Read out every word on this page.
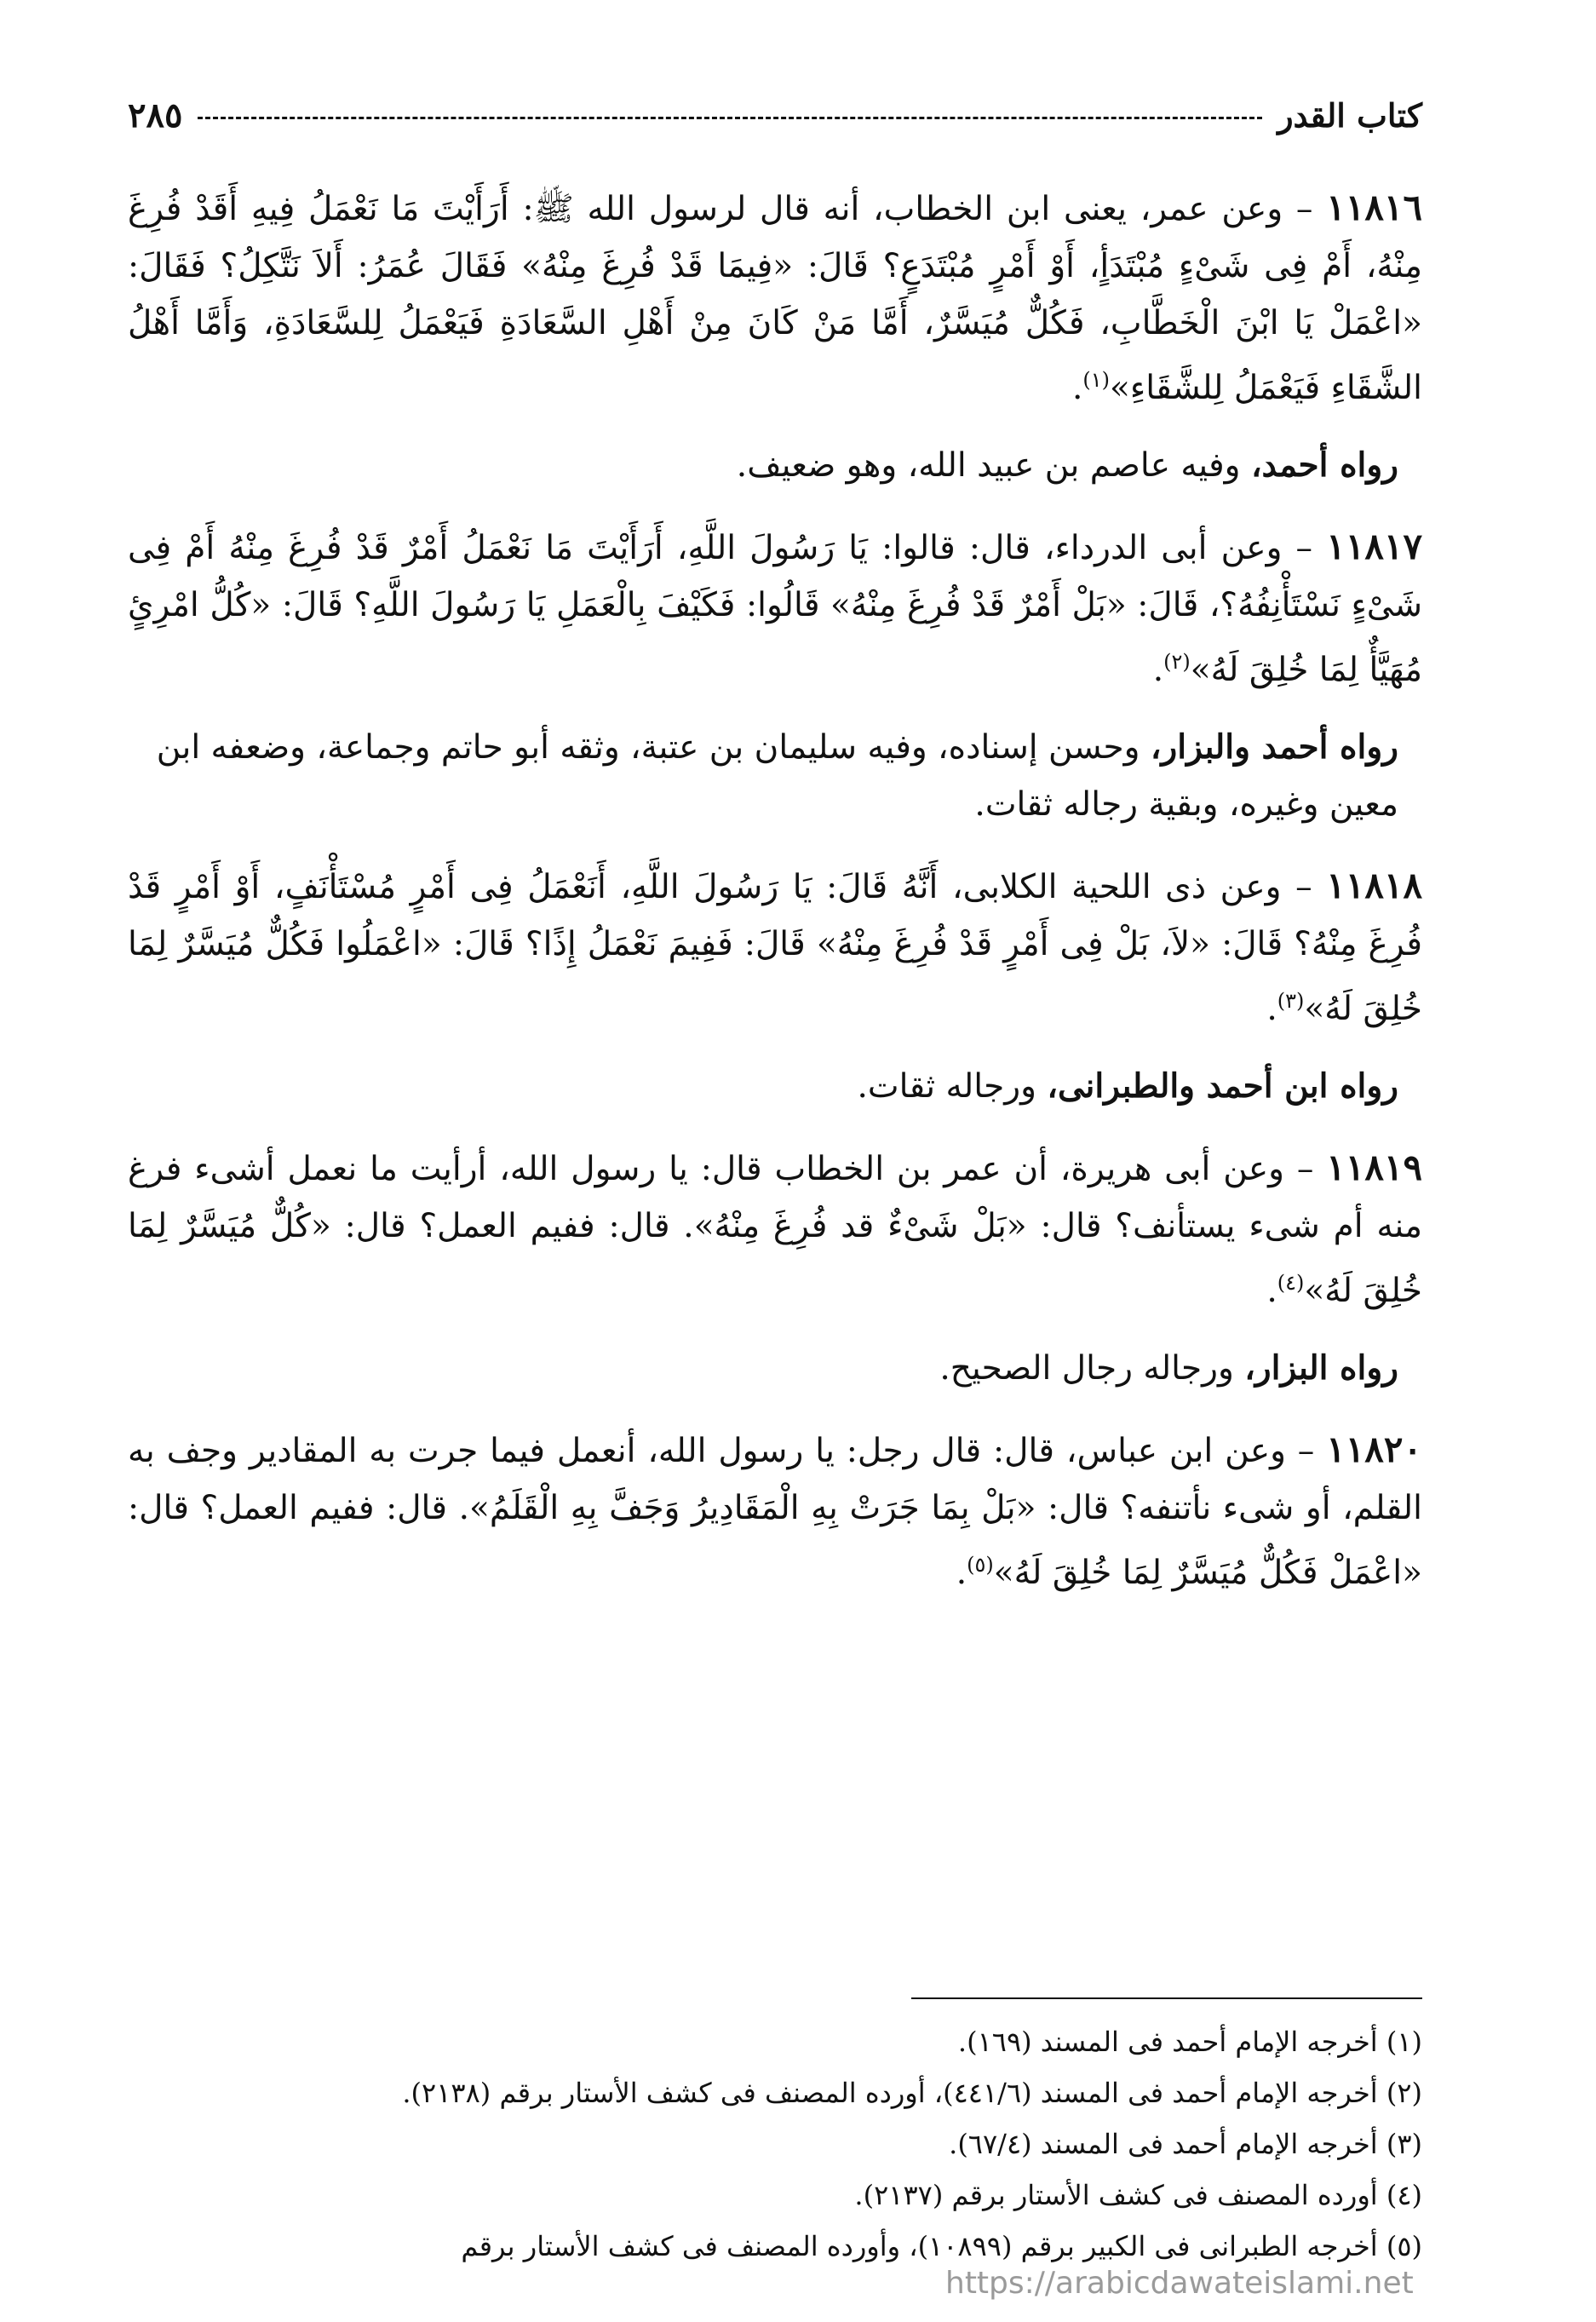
كتاب القدر
٢٨٥

١١٨١٦ – وعن عمر، يعنى ابن الخطاب، أنه قال لرسول الله ﷺ: أَرَأَيْتَ مَا نَعْمَلُ فِيهِ أَقَدْ فُرِغَ مِنْهُ، أَمْ فِى شَىْءٍ مُبْتَدَأٍ، أَوْ أَمْرٍ مُبْتَدَعٍ؟ قَالَ: «فِيمَا قَدْ فُرِغَ مِنْهُ» فَقَالَ عُمَرُ: أَلاَ نَتَّكِلُ؟ فَقَالَ: «اعْمَلْ يَا ابْنَ الْخَطَّابِ، فَكُلٌّ مُيَسَّرٌ، أَمَّا مَنْ كَانَ مِنْ أَهْلِ السَّعَادَةِ فَيَعْمَلُ لِلسَّعَادَةِ، وَأَمَّا أَهْلُ الشَّقَاءِ فَيَعْمَلُ لِلشَّقَاءِ»$^{(١)}$.

رواه أحمد، وفيه عاصم بن عبيد الله، وهو ضعيف.

١١٨١٧ – وعن أبى الدرداء، قال: قالوا: يَا رَسُولَ اللَّهِ، أَرَأَيْتَ مَا نَعْمَلُ أَمْرٌ قَدْ فُرِغَ مِنْهُ أَمْ فِى شَىْءٍ نَسْتَأْنِفُهُ؟، قَالَ: «بَلْ أَمْرٌ قَدْ فُرِغَ مِنْهُ» قَالُوا: فَكَيْفَ بِالْعَمَلِ يَا رَسُولَ اللَّهِ؟ قَالَ: «كُلُّ امْرِئٍ مُهَيَّأٌ لِمَا خُلِقَ لَهُ»$^{(٢)}$.

رواه أحمد والبزار، وحسن إسناده، وفيه سليمان بن عتبة، وثقه أبو حاتم وجماعة، وضعفه ابن معين وغيره، وبقية رجاله ثقات.

١١٨١٨ – وعن ذى اللحية الكلابى، أَنَّهُ قَالَ: يَا رَسُولَ اللَّهِ، أَنَعْمَلُ فِى أَمْرٍ مُسْتَأْنَفٍ، أَوْ أَمْرٍ قَدْ فُرِغَ مِنْهُ؟ قَالَ: «لاَ، بَلْ فِى أَمْرٍ قَدْ فُرِغَ مِنْهُ» قَالَ: فَفِيمَ نَعْمَلُ إِذًا؟ قَالَ: «اعْمَلُوا فَكُلٌّ مُيَسَّرٌ لِمَا خُلِقَ لَهُ»$^{(٣)}$.

رواه ابن أحمد والطبرانى، ورجاله ثقات.

١١٨١٩ – وعن أبى هريرة، أن عمر بن الخطاب قال: يا رسول الله، أرأيت ما نعمل أشىء فرغ منه أم شىء يستأنف؟ قال: «بَلْ شَىْءٌ قد فُرِغَ مِنْهُ». قال: ففيم العمل؟ قال: «كُلٌّ مُيَسَّرٌ لِمَا خُلِقَ لَهُ»$^{(٤)}$.

رواه البزار، ورجاله رجال الصحيح.

١١٨٢٠ – وعن ابن عباس، قال: قال رجل: يا رسول الله، أنعمل فيما جرت به المقادير وجف به القلم، أو شىء نأتنفه؟ قال: «بَلْ بِمَا جَرَتْ بِهِ الْمَقَادِيرُ وَجَفَّ بِهِ الْقَلَمُ». قال: ففيم العمل؟ قال: «اعْمَلْ فَكُلٌّ مُيَسَّرٌ لِمَا خُلِقَ لَهُ»$^{(٥)}$.

(١) أخرجه الإمام أحمد فى المسند (١٦٩).

(٢) أخرجه الإمام أحمد فى المسند (٤٤١/٦)، أورده المصنف فى كشف الأستار برقم (٢١٣٨).

(٣) أخرجه الإمام أحمد فى المسند (٦٧/٤).

(٤) أورده المصنف فى كشف الأستار برقم (٢١٣٧).

(٥) أخرجه الطبرانى فى الكبير برقم (١٠٨٩٩)، وأورده المصنف فى كشف الأستار برقم

https://arabicdawateislami.net
